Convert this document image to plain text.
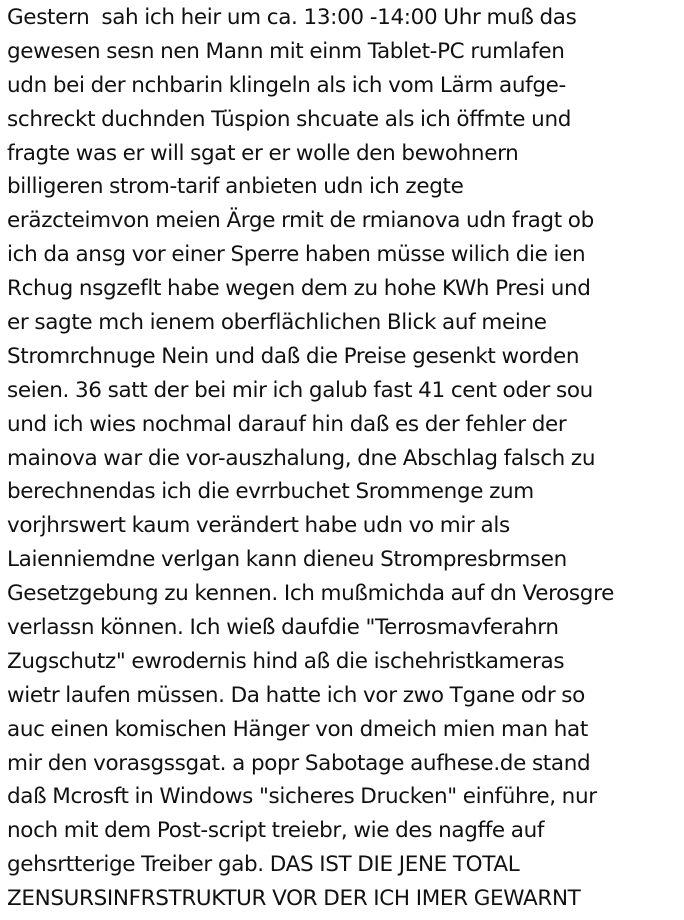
Gestern  sah ich heir um ca. 13:00 -14:00 Uhr muß das
gewesen sesn nen Mann mit einm Tablet-PC rumlafen
udn bei der nchbarin klingeln als ich vom Lärm aufge-
schreckt duchnden Tüspion shcuate als ich öffmte und
fragte was er will sgat er er wolle den bewohnern
billigeren strom-tarif anbieten udn ich zegte
eräzcteimvon meien Ärge rmit de rmianova udn fragt ob
ich da ansg vor einer Sperre haben müsse wilich die ien
Rchug nsgzeflt habe wegen dem zu hohe KWh Presi und
er sagte mch ienem oberflächlichen Blick auf meine
Stromrchnuge Nein und daß die Preise gesenkt worden
seien. 36 satt der bei mir ich galub fast 41 cent oder sou
und ich wies nochmal darauf hin daß es der fehler der
mainova war die vor-auszhalung, dne Abschlag falsch zu
berechnendas ich die evrrbuchet Srommenge zum
vorjhrswert kaum verändert habe udn vo mir als
Laienniemdne verlgan kann dieneu Strompresbrmsen
Gesetzgebung zu kennen. Ich mußmichda auf dn Verosgre
verlassn können. Ich wieß daufdie "Terrosmavferahrn
Zugschutz" ewrodernis hind aß die ischehristkameras
wietr laufen müssen. Da hatte ich vor zwo Tgane odr so
auc einen komischen Hänger von dmeich mien man hat
mir den vorasgssgat. a popr Sabotage aufhese.de stand
daß Mcrosft in Windows "sicheres Drucken" einführe, nur
noch mit dem Post-script treiebr, wie des nagffe auf
gehsrtterige Treiber gab. DAS IST DIE JENE TOTAL
ZENSURSINFRSTRUKTUR VOR DER ICH IMER GEWARNT
